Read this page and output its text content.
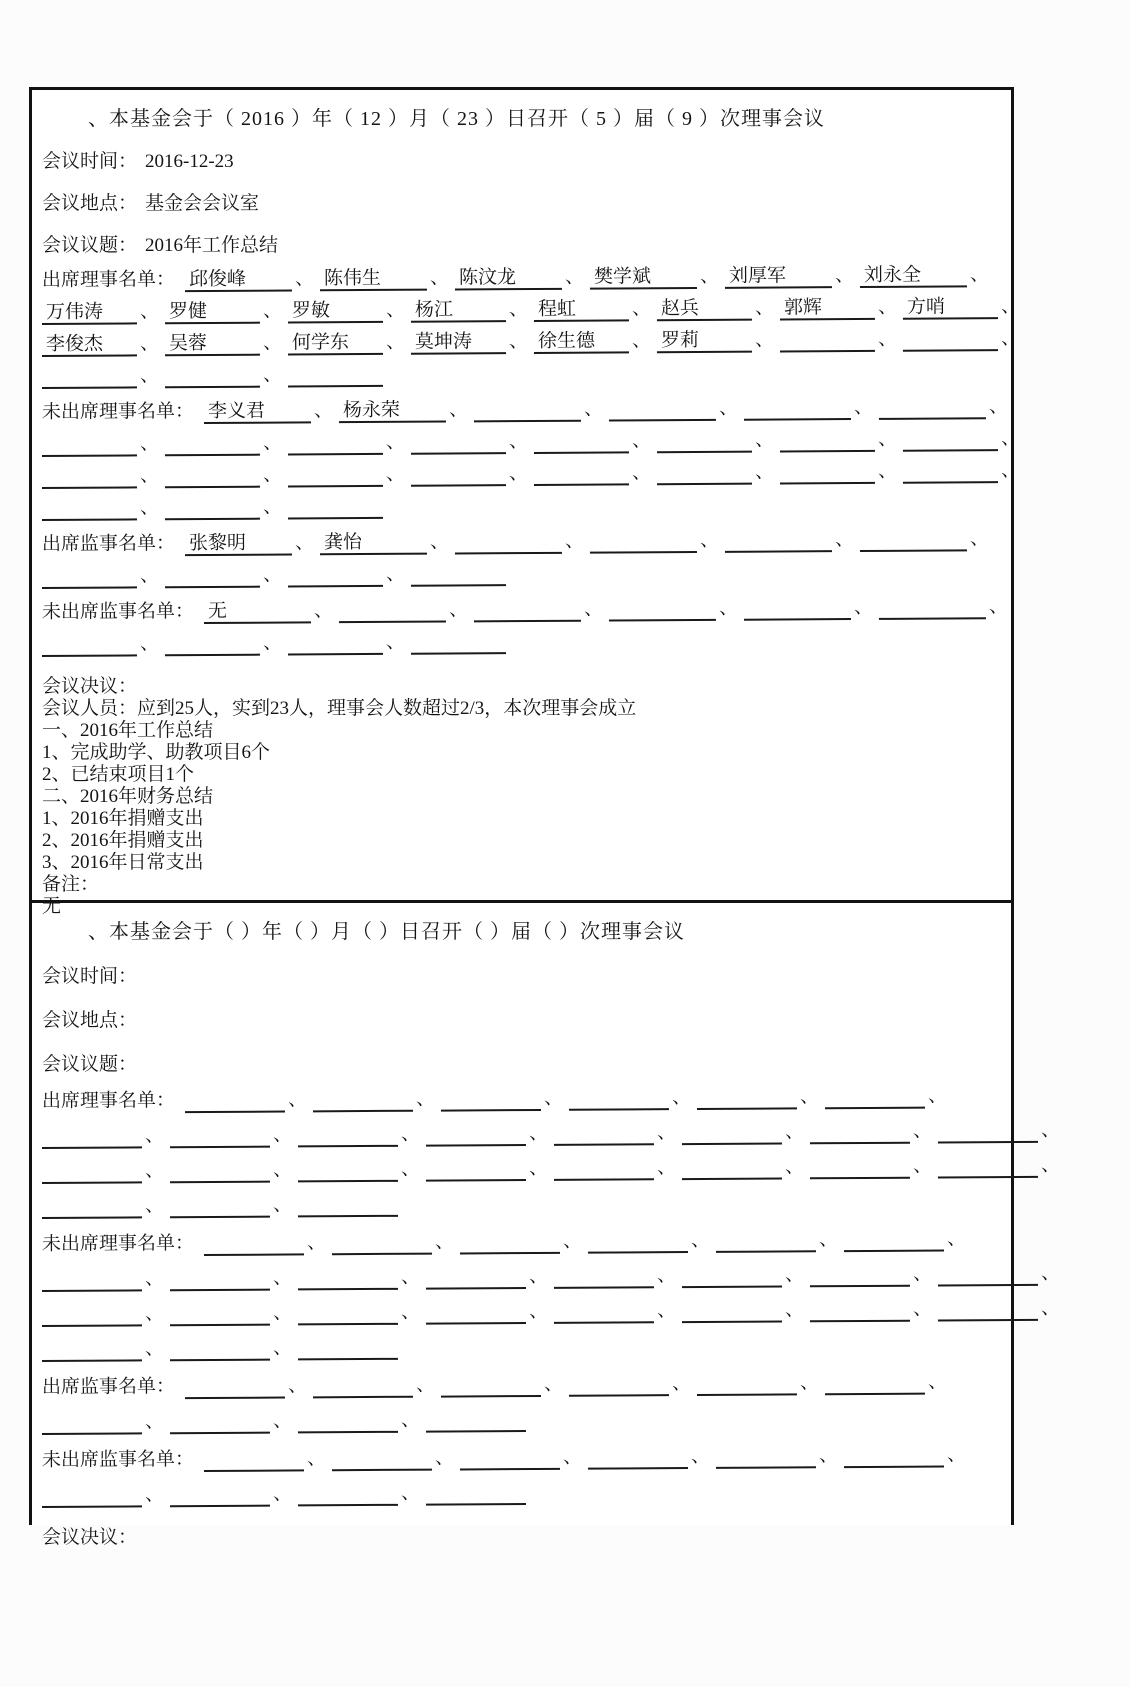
、本基金会于（ 2016 ）年（ 12 ）月（ 23 ）日召开（ 5 ）届（ 9 ）次理事会议
会议时间： 2016-12-23
会议地点： 基金会会议室
会议议题： 2016年工作总结
出席理事名单： 邱俊峰	、 陈伟生	、 陈汶龙	、 樊学斌	、 刘厚军	、 刘永全	、
万伟涛 、 罗健	、 罗敏	、 杨江	、 程虹	、 赵兵	、 郭辉	、 方哨	、
李俊杰 、 吴蓉	、 何学东 、 莫坤涛 、 徐生德 、 罗莉	、	、	、
、	、
未出席理事名单： 李义君	、 杨永荣	、	、	、	、	、
、	、	、	、	、	、	、	、
、	、	、	、	、	、	、	、
、	、
出席监事名单： 张黎明	、 龚怡	、	、	、	、	、
、	、	、
未出席监事名单： 无	、	、	、	、	、	、
、	、	、
会议决议：
会议人员：应到25人，实到23人，理事会人数超过2/3，本次理事会成立
一、2016年工作总结
1、完成助学、助教项目6个
2、已结束项目1个
二、2016年财务总结
1、2016年捐赠支出
2、2016年捐赠支出
3、2016年日常支出
备注：
无
、本基金会于（ ）年（ ）月（ ）日召开（ ）届（ ）次理事会议
会议时间：
会议地点：
会议议题：
出席理事名单：	、	、	、	、	、	、
、	、	、	、	、	、	、	、
、	、	、	、	、	、	、	、
、	、
未出席理事名单：	、	、	、	、	、	、
、	、	、	、	、	、	、	、
、	、	、	、	、	、	、	、
、	、
出席监事名单：	、	、	、	、	、	、
、	、	、
未出席监事名单：	、	、	、	、	、	、
、	、	、
会议决议：
